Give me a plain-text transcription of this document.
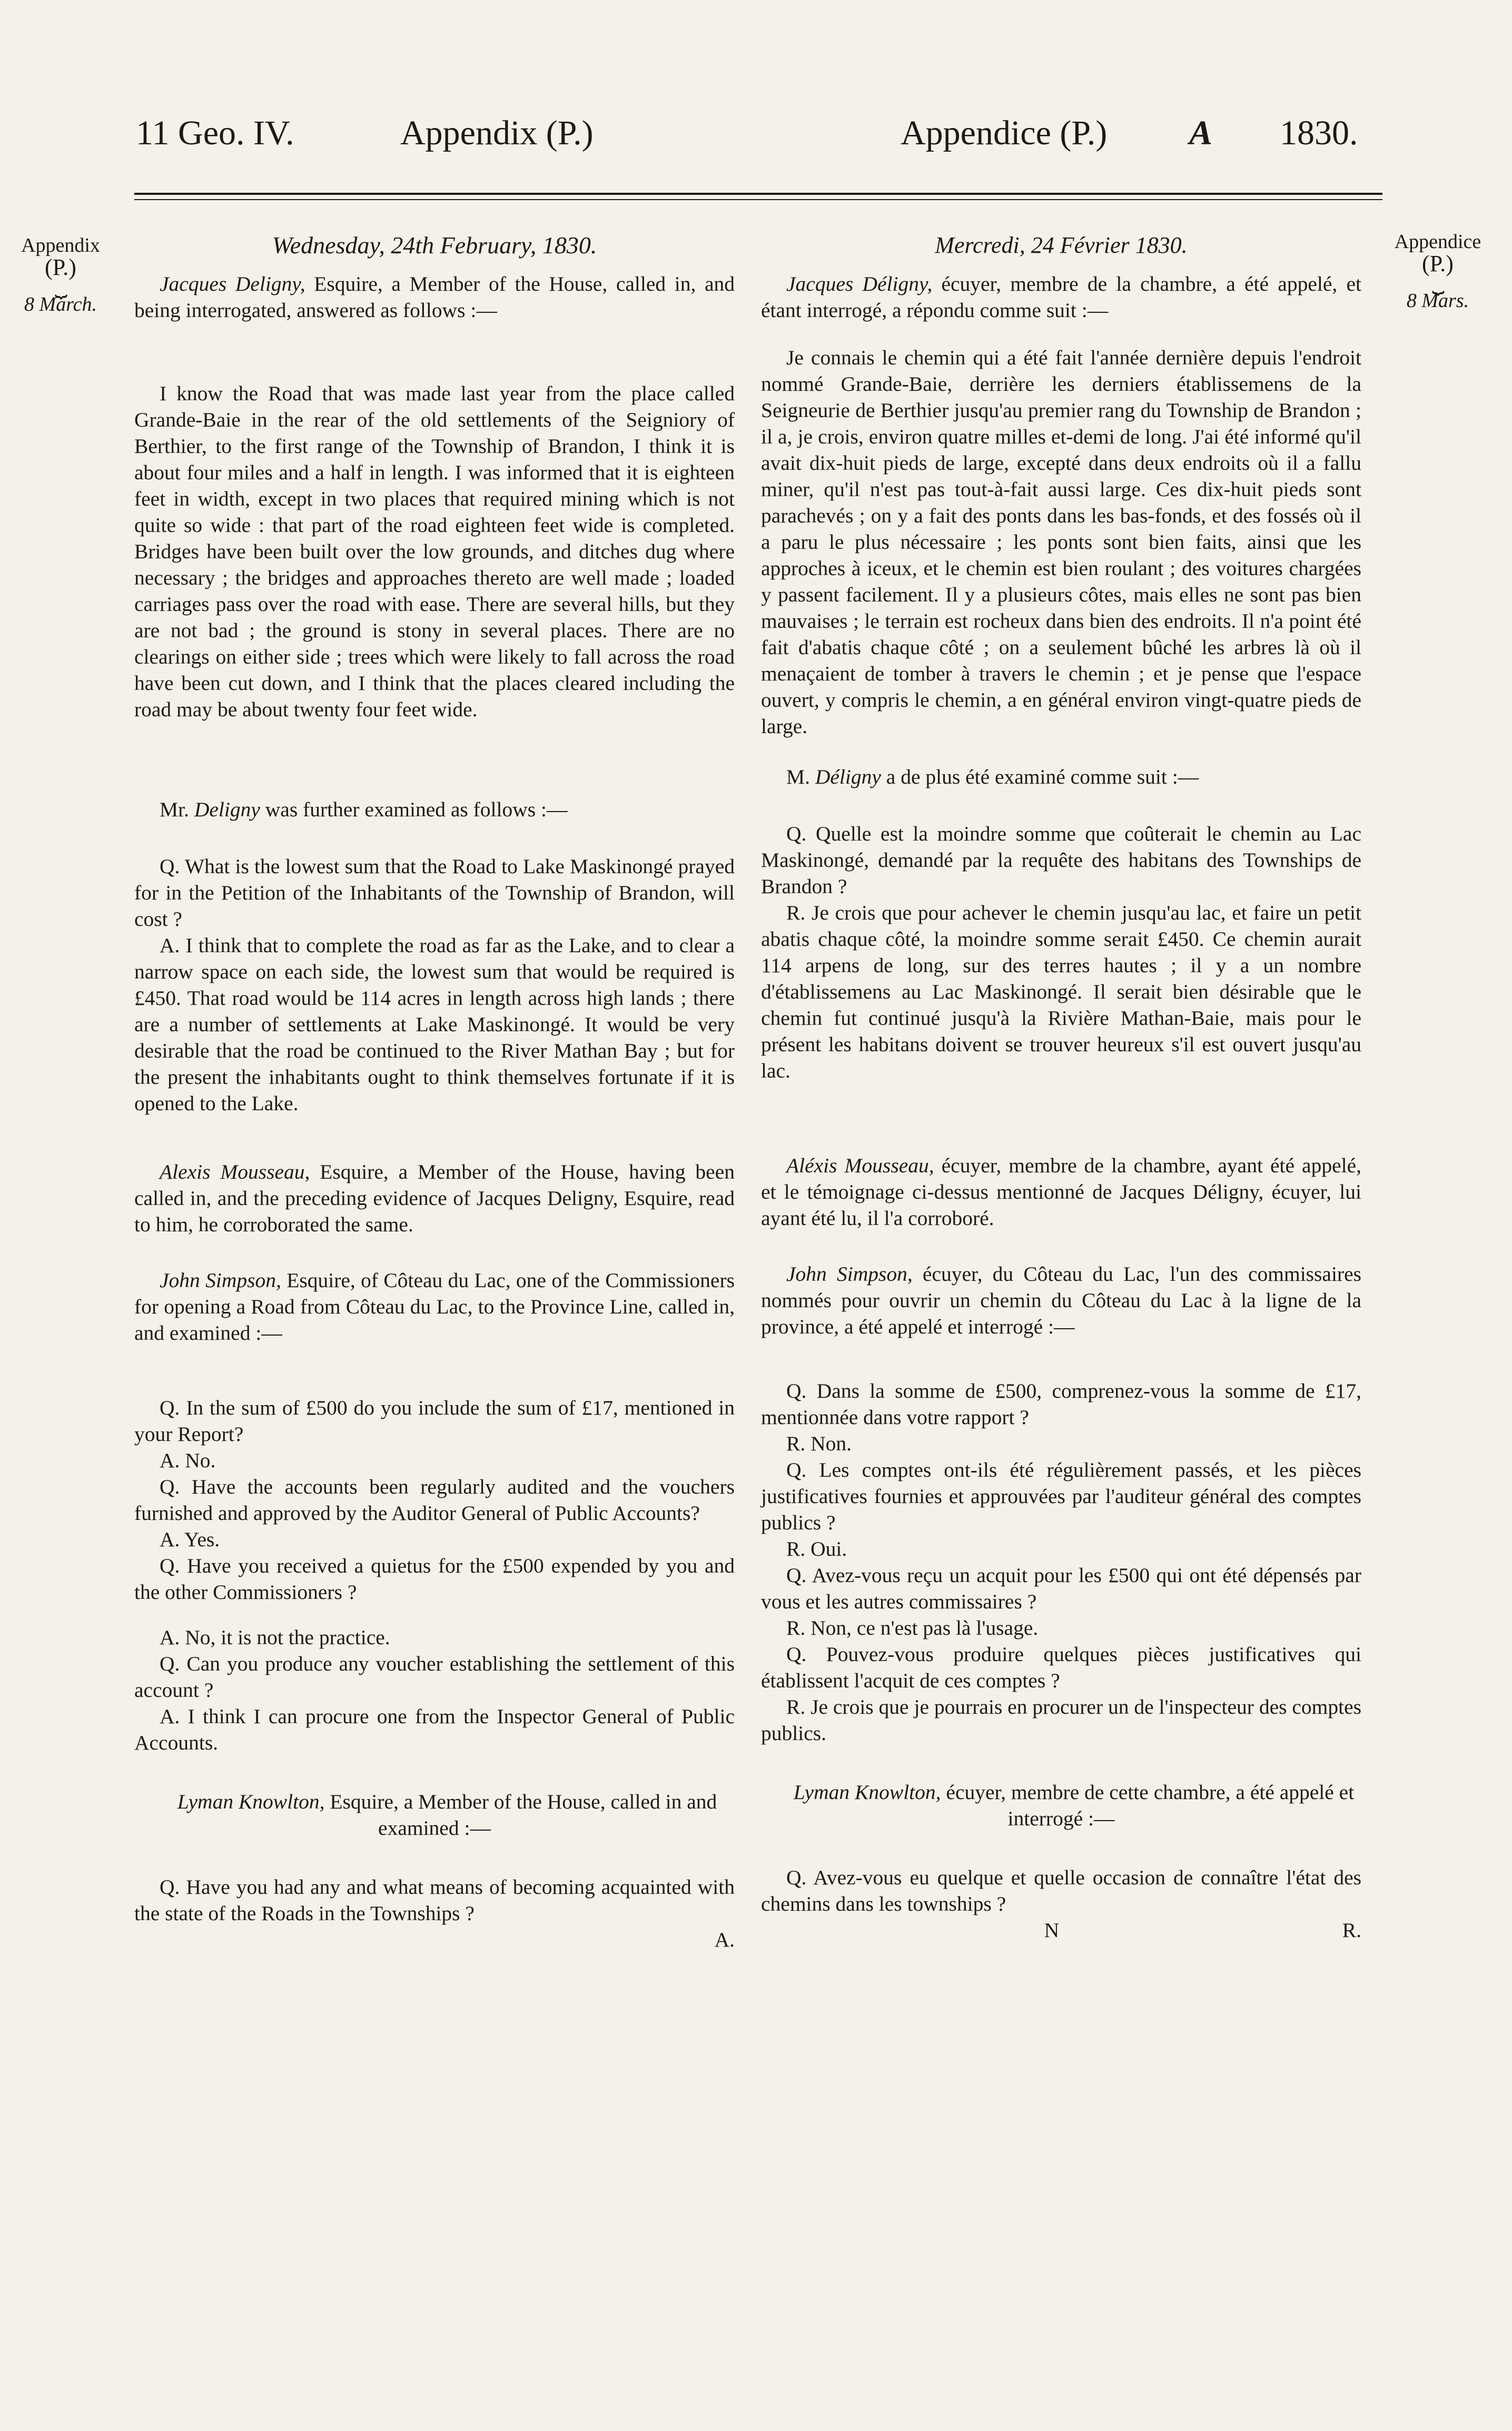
11 Geo. IV.	Appendix (P.)	Appendice (P.) A 1830.
Appendix
(P.)
⏟
8 March.
Appendice
(P.)
⏟
8 Mars.
Wednesday, 24th February, 1830.

Jacques Deligny, Esquire, a Member of the House, called in, and being interrogated, answered as follows :—

I know the Road that was made last year from the place called Grande-Baie in the rear of the old settlements of the Seigniory of Berthier, to the first range of the Township of Brandon, I think it is about four miles and a half in length. I was informed that it is eighteen feet in width, except in two places that required mining which is not quite so wide : that part of the road eighteen feet wide is completed. Bridges have been built over the low grounds, and ditches dug where necessary ; the bridges and approaches thereto are well made ; loaded carriages pass over the road with ease. There are several hills, but they are not bad ; the ground is stony in several places. There are no clearings on either side ; trees which were likely to fall across the road have been cut down, and I think that the places cleared including the road may be about twenty four feet wide.

Mr. Deligny was further examined as follows :—

Q. What is the lowest sum that the Road to Lake Maskinongé prayed for in the Petition of the Inhabitants of the Township of Brandon, will cost ?

A. I think that to complete the road as far as the Lake, and to clear a narrow space on each side, the lowest sum that would be required is £450. That road would be 114 acres in length across high lands ; there are a number of settlements at Lake Maskinongé. It would be very desirable that the road be continued to the River Mathan Bay ; but for the present the inhabitants ought to think themselves fortunate if it is opened to the Lake.

Alexis Mousseau, Esquire, a Member of the House, having been called in, and the preceding evidence of Jacques Deligny, Esquire, read to him, he corroborated the same.

John Simpson, Esquire, of Côteau du Lac, one of the Commissioners for opening a Road from Côteau du Lac, to the Province Line, called in, and examined :—

Q. In the sum of £500 do you include the sum of £17, mentioned in your Report?

A. No.

Q. Have the accounts been regularly audited and the vouchers furnished and approved by the Auditor General of Public Accounts?

A. Yes.

Q. Have you received a quietus for the £500 expended by you and the other Commissioners ?

A. No, it is not the practice.

Q. Can you produce any voucher establishing the settlement of this account ?

A. I think I can procure one from the Inspector General of Public Accounts.

Lyman Knowlton, Esquire, a Member of the House, called in and examined :—

Q. Have you had any and what means of becoming acquainted with the state of the Roads in the Townships ?

A.
Mercredi, 24 Février 1830.

Jacques Déligny, écuyer, membre de la chambre, a été appelé, et étant interrogé, a répondu comme suit :—

Je connais le chemin qui a été fait l'année dernière depuis l'endroit nommé Grande-Baie, derrière les derniers établissemens de la Seigneurie de Berthier jusqu'au premier rang du Township de Brandon ; il a, je crois, environ quatre milles et-demi de long. J'ai été informé qu'il avait dix-huit pieds de large, excepté dans deux endroits où il a fallu miner, qu'il n'est pas tout-à-fait aussi large. Ces dix-huit pieds sont parachevés ; on y a fait des ponts dans les bas-fonds, et des fossés où il a paru le plus nécessaire ; les ponts sont bien faits, ainsi que les approches à iceux, et le chemin est bien roulant ; des voitures chargées y passent facilement. Il y a plusieurs côtes, mais elles ne sont pas bien mauvaises ; le terrain est rocheux dans bien des endroits. Il n'a point été fait d'abatis chaque côté ; on a seulement bûché les arbres là où il menaçaient de tomber à travers le chemin ; et je pense que l'espace ouvert, y compris le chemin, a en général environ vingt-quatre pieds de large.

M. Déligny a de plus été examiné comme suit :—

Q. Quelle est la moindre somme que coûterait le chemin au Lac Maskinongé, demandé par la requête des habitans des Townships de Brandon ?

R. Je crois que pour achever le chemin jusqu'au lac, et faire un petit abatis chaque côté, la moindre somme serait £450. Ce chemin aurait 114 arpens de long, sur des terres hautes ; il y a un nombre d'établissemens au Lac Maskinongé. Il serait bien désirable que le chemin fut continué jusqu'à la Rivière Mathan-Baie, mais pour le présent les habitans doivent se trouver heureux s'il est ouvert jusqu'au lac.

Aléxis Mousseau, écuyer, membre de la chambre, ayant été appelé, et le témoignage ci-dessus mentionné de Jacques Déligny, écuyer, lui ayant été lu, il l'a corroboré.

John Simpson, écuyer, du Côteau du Lac, l'un des commissaires nommés pour ouvrir un chemin du Côteau du Lac à la ligne de la province, a été appelé et interrogé :—

Q. Dans la somme de £500, comprenez-vous la somme de £17, mentionnée dans votre rapport ?

R. Non.

Q. Les comptes ont-ils été régulièrement passés, et les pièces justificatives fournies et approuvées par l'auditeur général des comptes publics ?

R. Oui.

Q. Avez-vous reçu un acquit pour les £500 qui ont été dépensés par vous et les autres commissaires ?

R. Non, ce n'est pas là l'usage.

Q. Pouvez-vous produire quelques pièces justificatives qui établissent l'acquit de ces comptes ?

R. Je crois que je pourrais en procurer un de l'inspecteur des comptes publics.

Lyman Knowlton, écuyer, membre de cette chambre, a été appelé et interrogé :—

Q. Avez-vous eu quelque et quelle occasion de connaître l'état des chemins dans les townships ?

N	R.
